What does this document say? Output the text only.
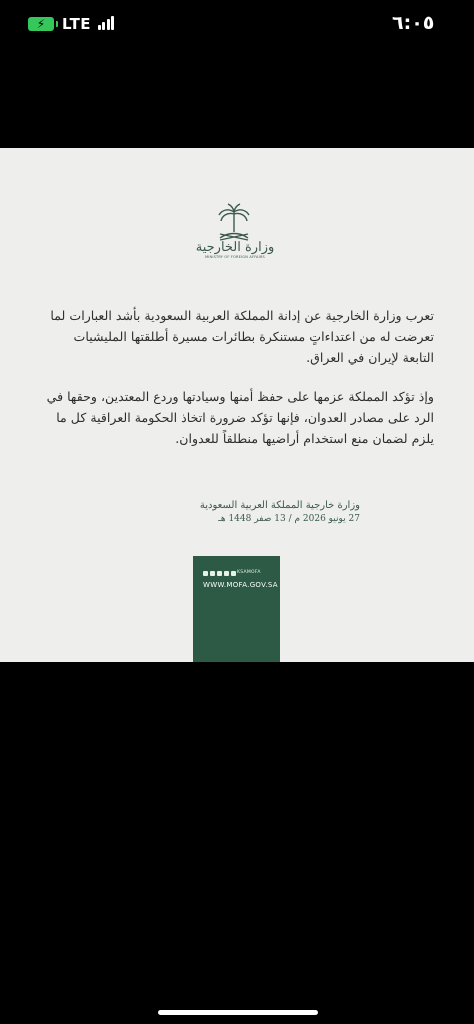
⚡	LTE	٦:٠٥
وزارة الخارجية
MINISTRY OF FOREIGN AFFAIRS

تعرب وزارة الخارجية عن إدانة المملكة العربية السعودية بأشد العبارات لما تعرضت له من اعتداءاتٍ مستنكرة بطائرات مسيرة أطلقتها المليشيات التابعة لإيران في العراق.

وإذ تؤكد المملكة عزمها على حفظ أمنها وسيادتها وردع المعتدين، وحقها في الرد على مصادر العدوان، فإنها تؤكد ضرورة اتخاذ الحكومة العراقية كل ما يلزم لضمان منع استخدام أراضيها منطلقاً للعدوان.

وزارة خارجية المملكة العربية السعودية
27 يونيو 2026 م / 13 صفر 1448 هـ
KSAMOFA
WWW.MOFA.GOV.SA
